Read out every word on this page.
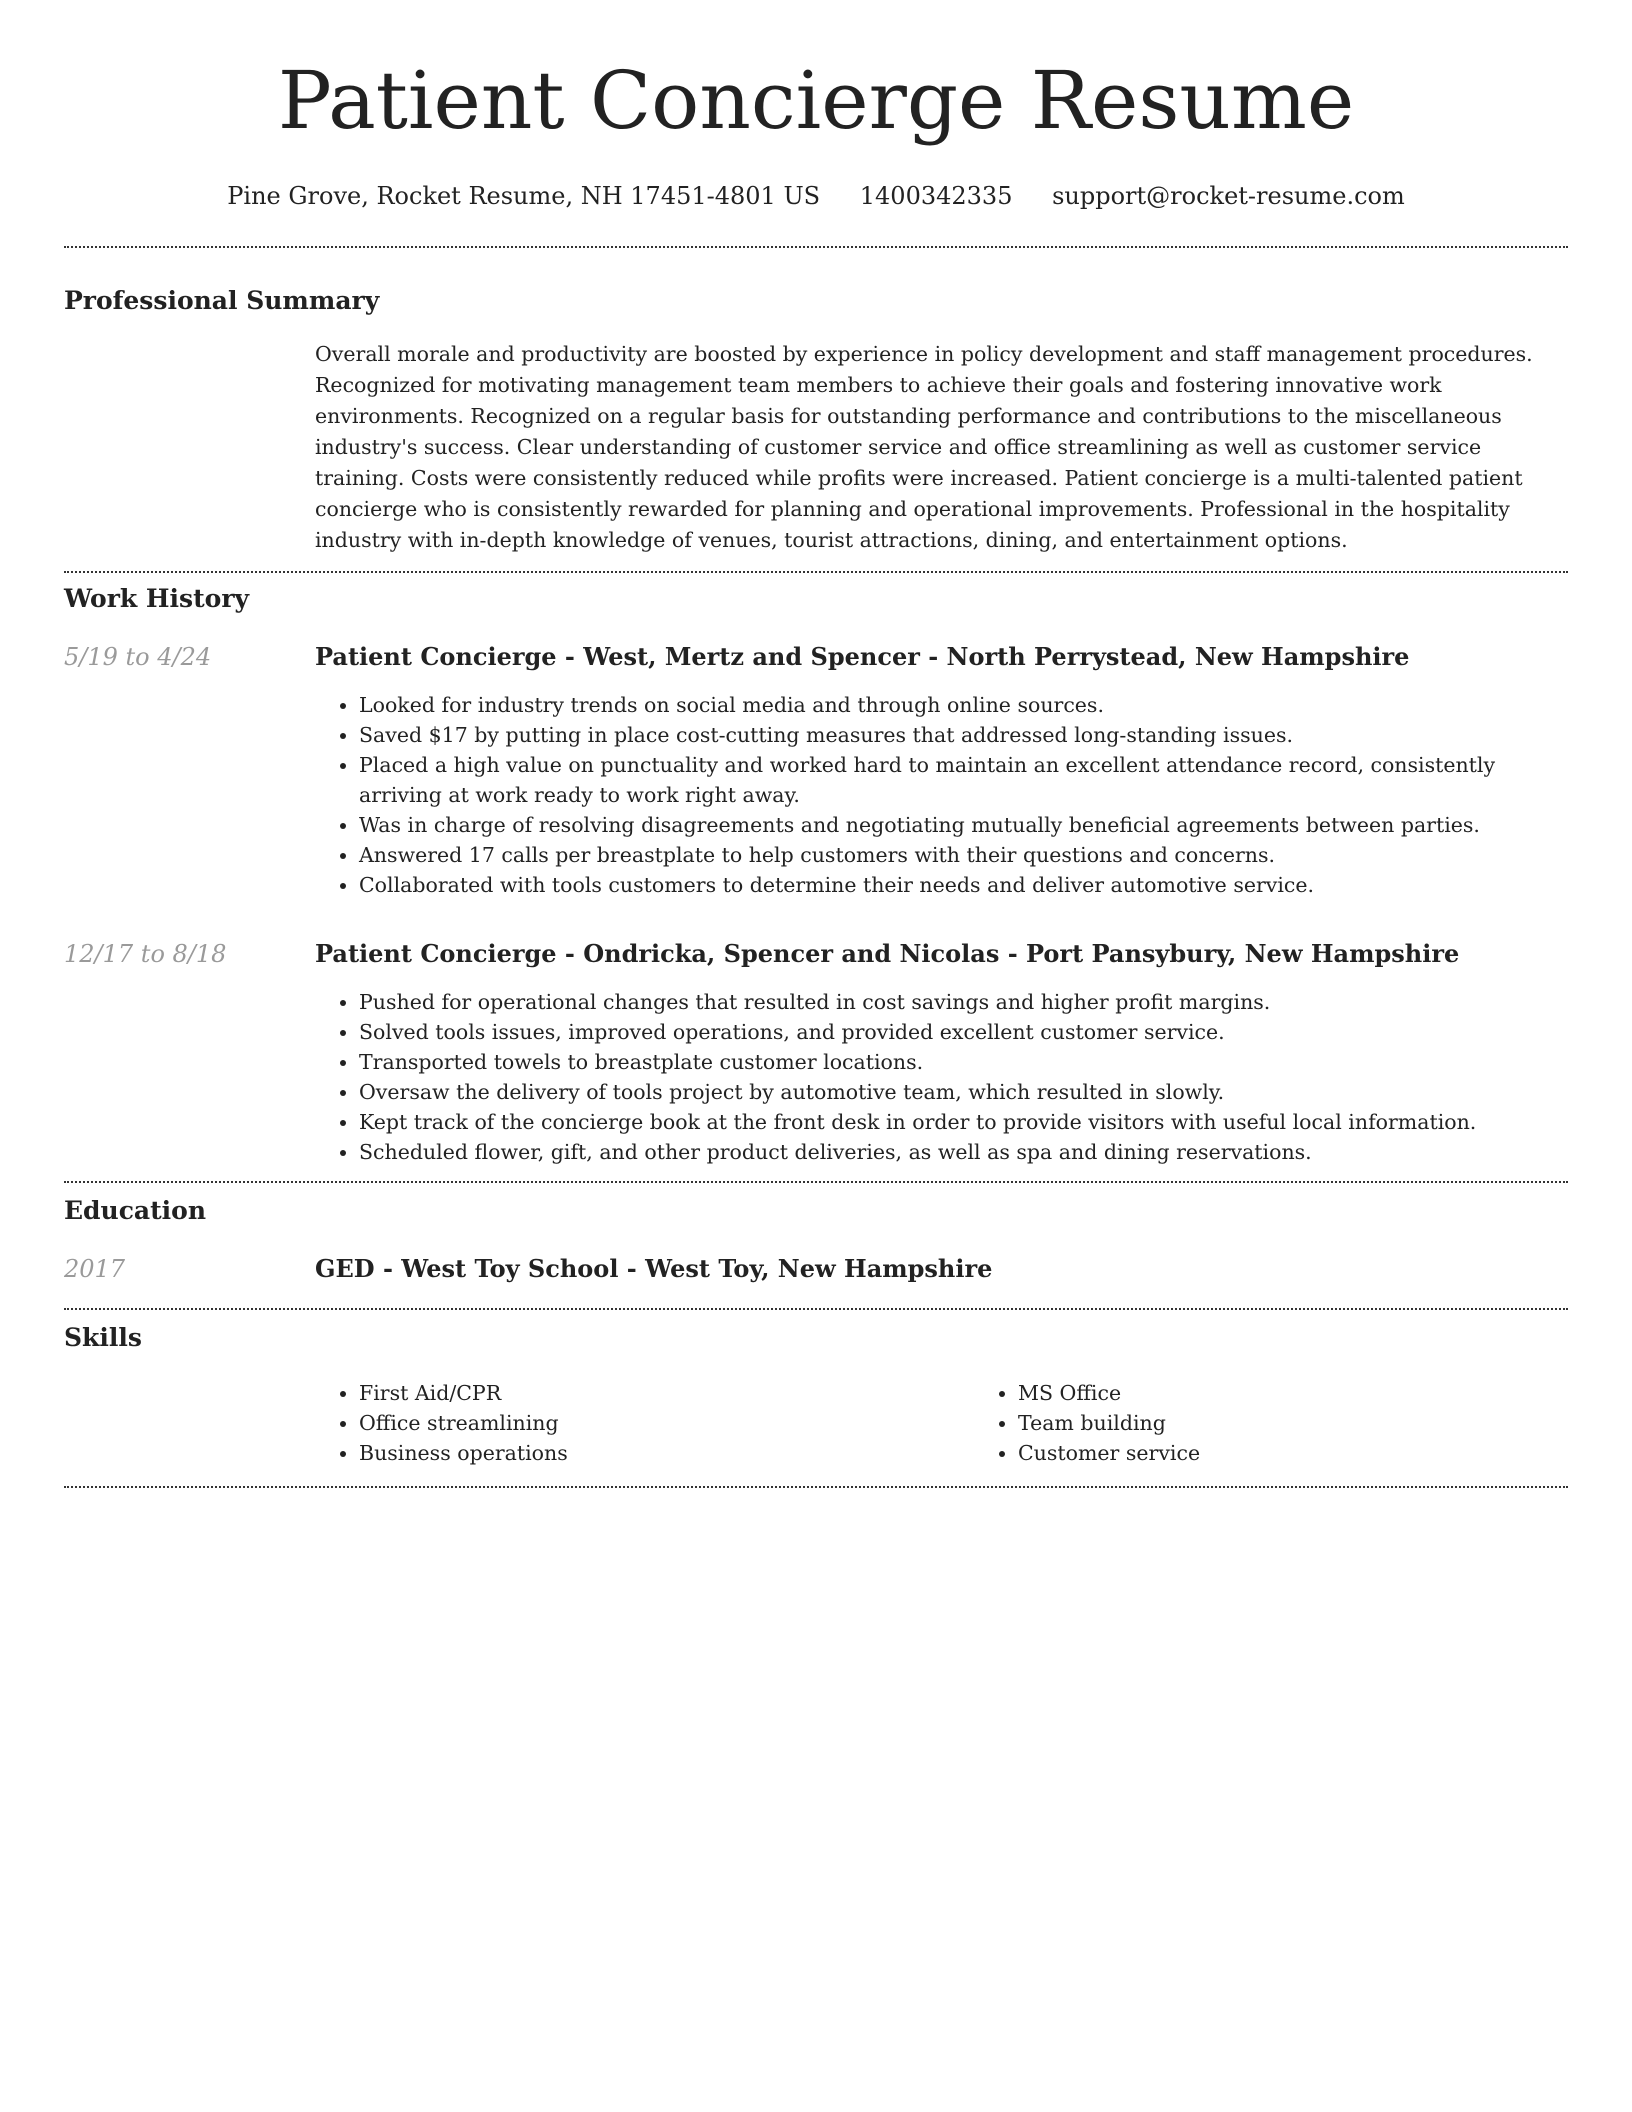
Patient Concierge Resume
Pine Grove, Rocket Resume, NH 17451-4801 US 1400342335 support@rocket-resume.com
Professional Summary

Overall morale and productivity are boosted by experience in policy development and staff management procedures. Recognized for motivating management team members to achieve their goals and fostering innovative work environments. Recognized on a regular basis for outstanding performance and contributions to the miscellaneous industry's success. Clear understanding of customer service and office streamlining as well as customer service training. Costs were consistently reduced while profits were increased. Patient concierge is a multi-talented patient concierge who is consistently rewarded for planning and operational improvements. Professional in the hospitality industry with in-depth knowledge of venues, tourist attractions, dining, and entertainment options.

Work History
5/19 to 4/24	Patient Concierge - West, Mertz and Spencer - North Perrystead, New Hampshire
• Looked for industry trends on social media and through online sources.
• Saved $17 by putting in place cost-cutting measures that addressed long-standing issues.
• Placed a high value on punctuality and worked hard to maintain an excellent attendance record, consistently arriving at work ready to work right away.
• Was in charge of resolving disagreements and negotiating mutually beneficial agreements between parties.
• Answered 17 calls per breastplate to help customers with their questions and concerns.
• Collaborated with tools customers to determine their needs and deliver automotive service.
12/17 to 8/18	Patient Concierge - Ondricka, Spencer and Nicolas - Port Pansybury, New Hampshire
• Pushed for operational changes that resulted in cost savings and higher profit margins.
• Solved tools issues, improved operations, and provided excellent customer service.
• Transported towels to breastplate customer locations.
• Oversaw the delivery of tools project by automotive team, which resulted in slowly.
• Kept track of the concierge book at the front desk in order to provide visitors with useful local information.
• Scheduled flower, gift, and other product deliveries, as well as spa and dining reservations.
Education
2017	GED - West Toy School - West Toy, New Hampshire
Skills
• First Aid/CPR
• Office streamlining
• Business operations
• MS Office
• Team building
• Customer service
